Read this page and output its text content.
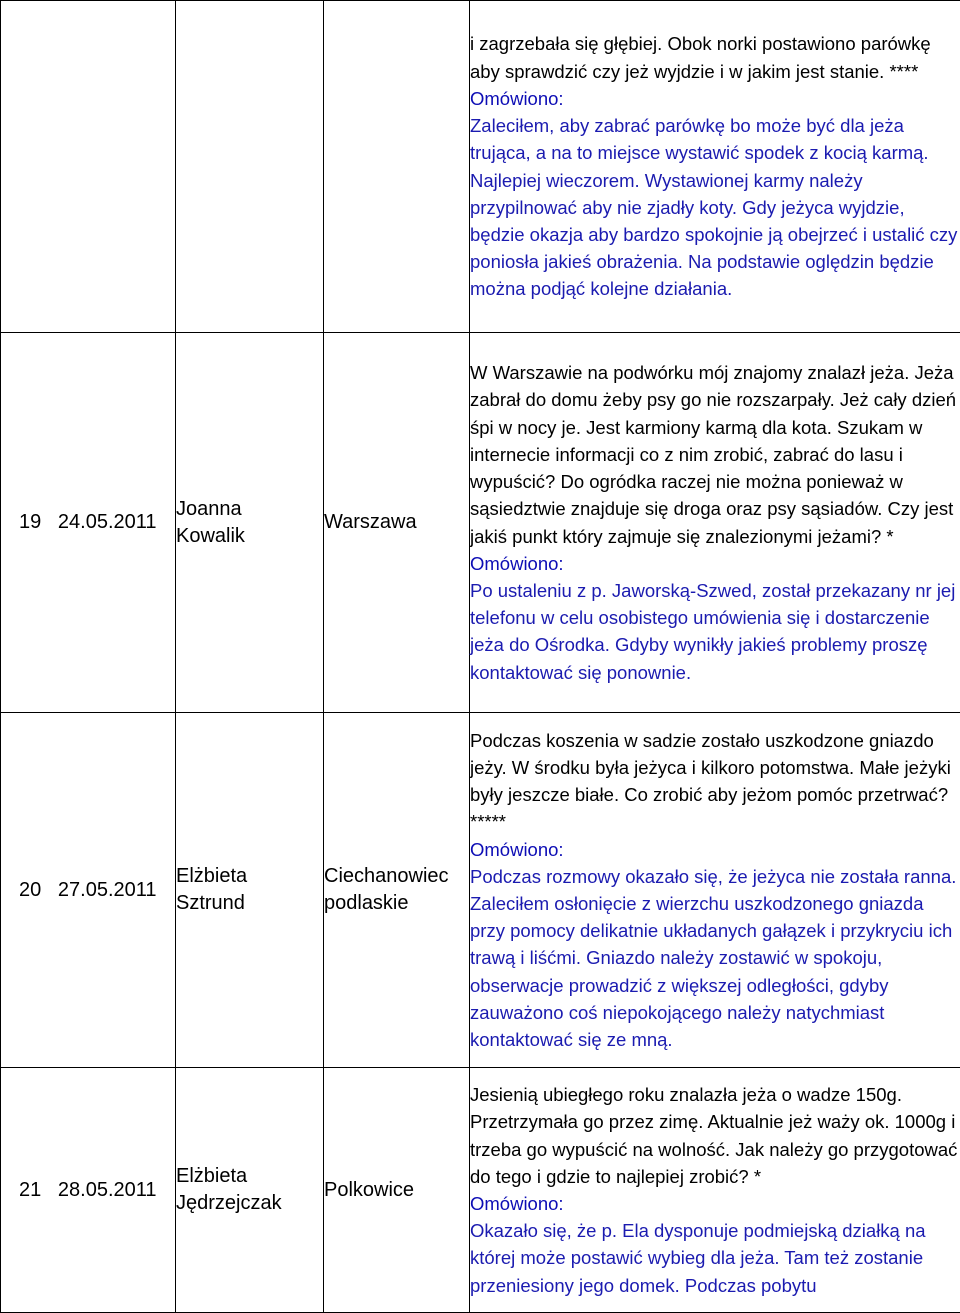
			i zagrzebała się głębiej. Obok norki postawiono parówkę aby sprawdzić czy jeż wyjdzie i w jakim jest stanie. ****
Omówiono:
Zaleciłem, aby zabrać parówkę bo może być dla jeża trująca, a na to miejsce wystawić spodek z kocią karmą. Najlepiej wieczorem. Wystawionej karmy należy przypilnować aby nie zjadły koty. Gdy jeżyca wyjdzie, będzie okazja aby bardzo spokojnie ją obejrzeć i ustalić czy poniosła jakieś obrażenia. Na podstawie oględzin będzie można podjąć kolejne działania.
19 24.05.2011	Joanna Kowalik	Warszawa	W Warszawie na podwórku mój znajomy znalazł jeża. Jeża zabrał do domu żeby psy go nie rozszarpały. Jeż cały dzień śpi w nocy je. Jest karmiony karmą dla kota. Szukam w internecie informacji co z nim zrobić, zabrać do lasu i wypuścić? Do ogródka raczej nie można ponieważ w sąsiedztwie znajduje się droga oraz psy sąsiadów. Czy jest jakiś punkt który zajmuje się znalezionymi jeżami? *
Omówiono:
Po ustaleniu z p. Jaworską-Szwed, został przekazany nr jej telefonu w celu osobistego umówienia się i dostarczenie jeża do Ośrodka. Gdyby wynikły jakieś problemy proszę kontaktować się ponownie.
20 27.05.2011	Elżbieta Sztrund	Ciechanowiec podlaskie	Podczas koszenia w sadzie zostało uszkodzone gniazdo jeży. W środku była jeżyca i kilkoro potomstwa. Małe jeżyki były jeszcze białe. Co zrobić aby jeżom pomóc przetrwać? *****
Omówiono:
Podczas rozmowy okazało się, że jeżyca nie została ranna. Zaleciłem osłonięcie z wierzchu uszkodzonego gniazda przy pomocy delikatnie układanych gałązek i przykryciu ich trawą i liśćmi. Gniazdo należy zostawić w spokoju, obserwacje prowadzić z większej odległości, gdyby zauważono coś niepokojącego należy natychmiast kontaktować się ze mną.
21 28.05.2011	Elżbieta Jędrzejczak	Polkowice	Jesienią ubiegłego roku znalazła jeża o wadze 150g. Przetrzymała go przez zimę. Aktualnie jeż waży ok. 1000g i trzeba go wypuścić na wolność. Jak należy go przygotować do tego i gdzie to najlepiej zrobić? *
Omówiono:
Okazało się, że p. Ela dysponuje podmiejską działką na której może postawić wybieg dla jeża. Tam też zostanie przeniesiony jego domek. Podczas pobytu
